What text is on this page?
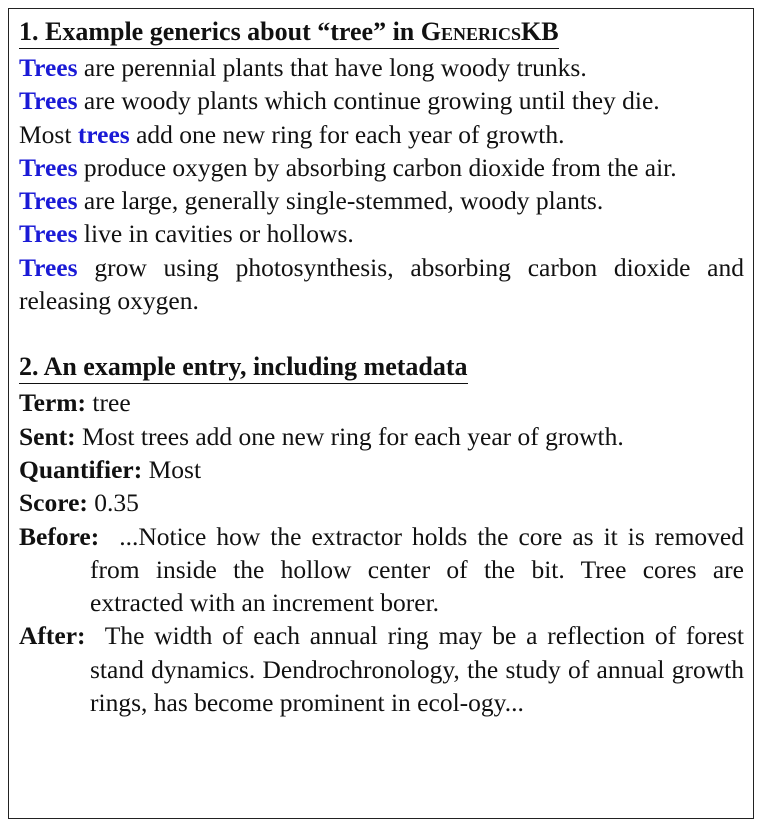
1. Example generics about “tree” in GenericsKB
Trees are perennial plants that have long woody trunks.
Trees are woody plants which continue growing until they die.
Most trees add one new ring for each year of growth.
Trees produce oxygen by absorbing carbon dioxide from the air.
Trees are large, generally single-stemmed, woody plants.
Trees live in cavities or hollows.
Trees grow using photosynthesis, absorbing carbon dioxide and releasing oxygen.
2. An example entry, including metadata
Term: tree
Sent: Most trees add one new ring for each year of growth.
Quantifier: Most
Score: 0.35
Before: ...Notice how the extractor holds the core as it is removed from inside the hollow center of the bit. Tree cores are extracted with an increment borer.
After: The width of each annual ring may be a reflection of forest stand dynamics. Dendrochronology, the study of annual growth rings, has become prominent in ecol-ogy...
